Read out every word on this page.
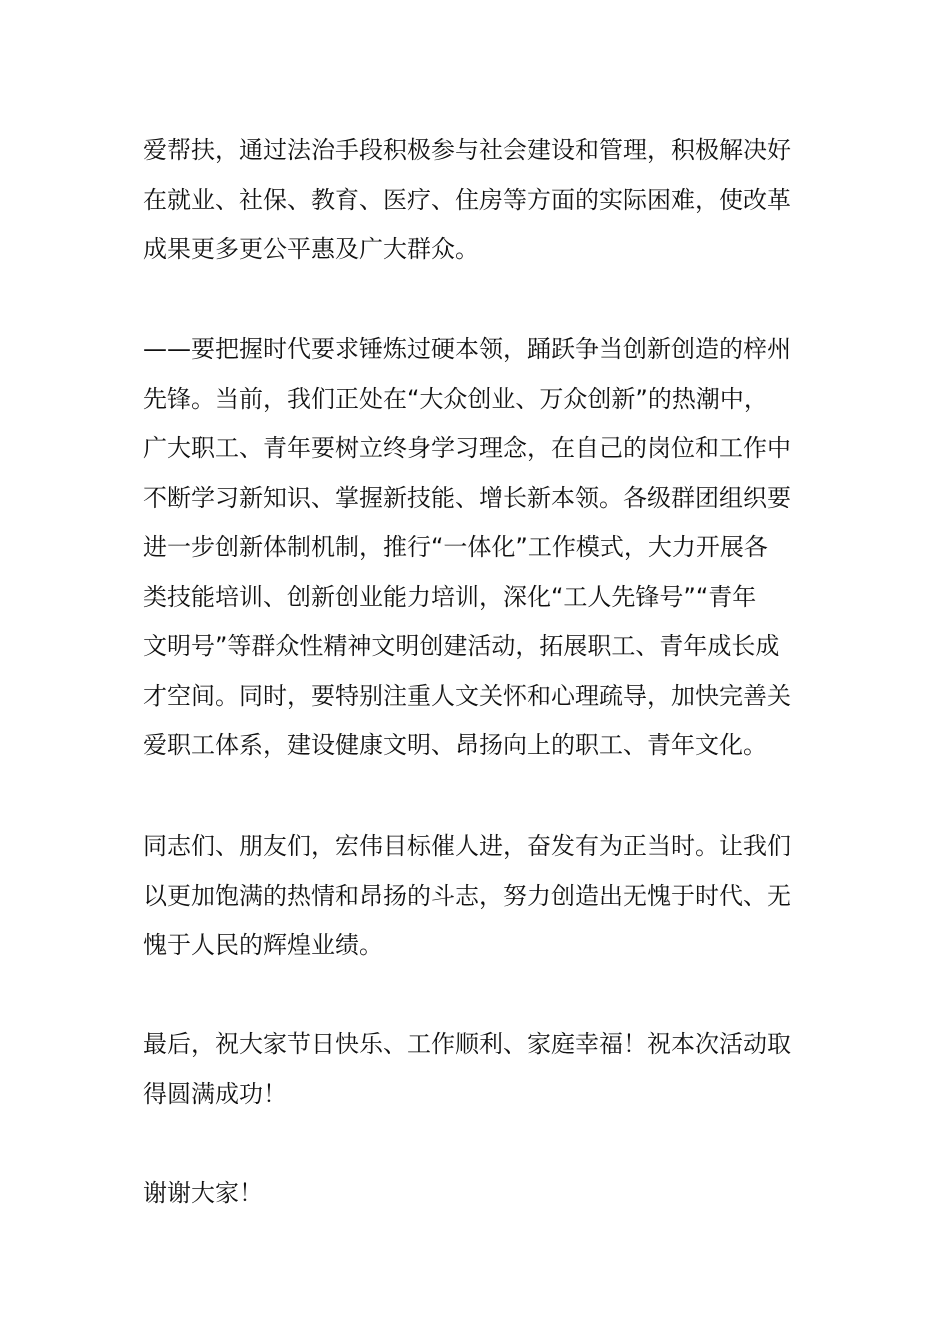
爱帮扶，通过法治手段积极参与社会建设和管理，积极解决好
在就业、社保、教育、医疗、住房等方面的实际困难，使改革
成果更多更公平惠及广大群众。
——要把握时代要求锤炼过硬本领，踊跃争当创新创造的梓州
先锋。当前，我们正处在“大众创业、万众创新”的热潮中，
广大职工、青年要树立终身学习理念，在自己的岗位和工作中
不断学习新知识、掌握新技能、增长新本领。各级群团组织要
进一步创新体制机制，推行“一体化”工作模式，大力开展各
类技能培训、创新创业能力培训，深化“工人先锋号”“青年
文明号”等群众性精神文明创建活动，拓展职工、青年成长成
才空间。同时，要特别注重人文关怀和心理疏导，加快完善关
爱职工体系，建设健康文明、昂扬向上的职工、青年文化。
同志们、朋友们，宏伟目标催人进，奋发有为正当时。让我们
以更加饱满的热情和昂扬的斗志，努力创造出无愧于时代、无
愧于人民的辉煌业绩。
最后，祝大家节日快乐、工作顺利、家庭幸福！祝本次活动取
得圆满成功！
谢谢大家！
